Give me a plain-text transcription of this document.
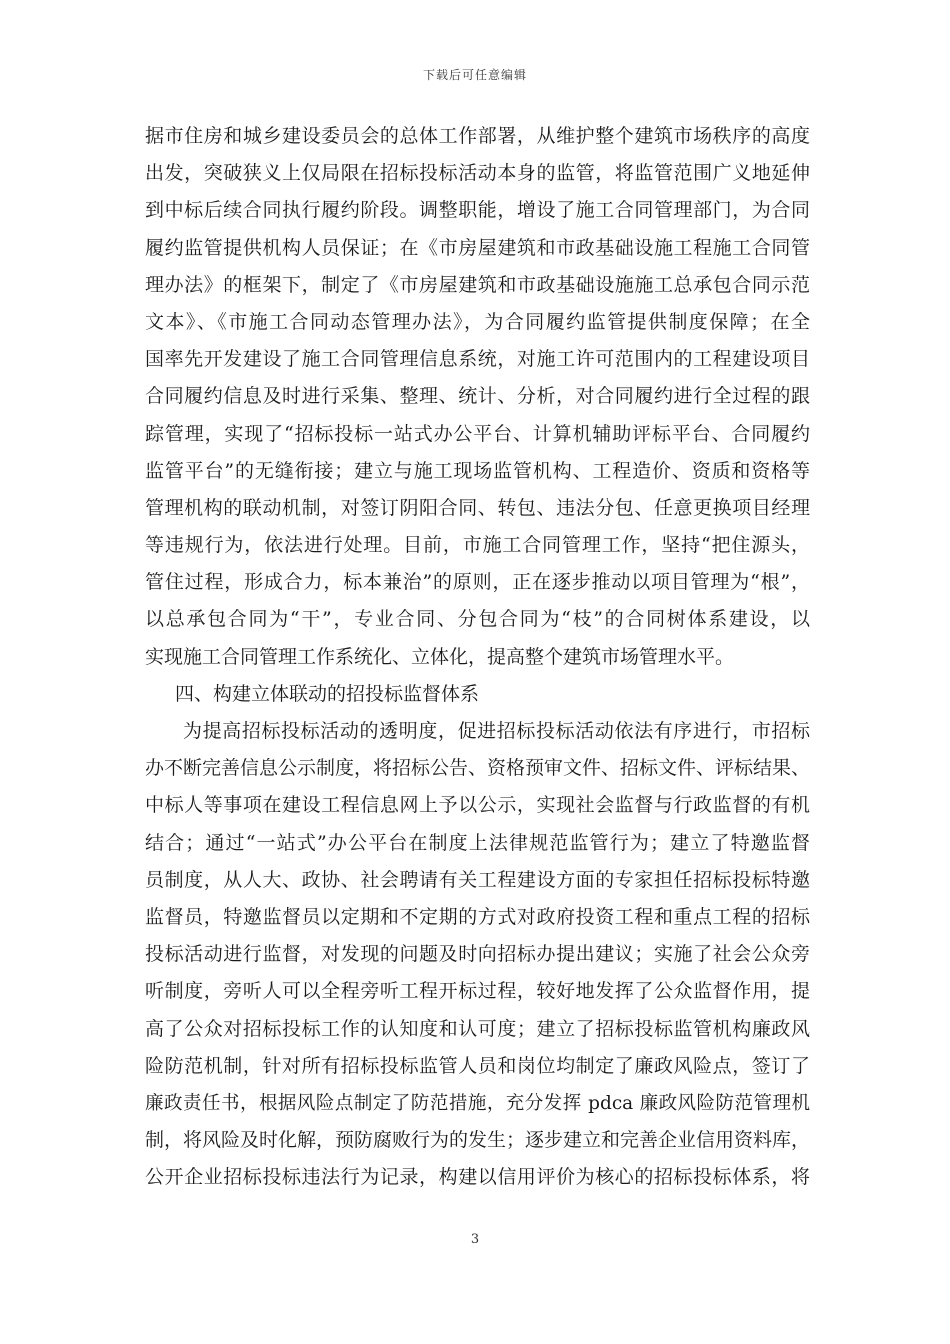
下载后可任意编辑
据市住房和城乡建设委员会的总体工作部署，从维护整个建筑市场秩序的高度
出发，突破狭义上仅局限在招标投标活动本身的监管，将监管范围广义地延伸
到中标后续合同执行履约阶段。调整职能，增设了施工合同管理部门，为合同
履约监管提供机构人员保证；在《市房屋建筑和市政基础设施工程施工合同管
理办法》的框架下，制定了《市房屋建筑和市政基础设施施工总承包合同示范
文本》、《市施工合同动态管理办法》，为合同履约监管提供制度保障；在全
国率先开发建设了施工合同管理信息系统，对施工许可范围内的工程建设项目
合同履约信息及时进行采集、整理、统计、分析，对合同履约进行全过程的跟
踪管理，实现了“招标投标一站式办公平台、计算机辅助评标平台、合同履约
监管平台”的无缝衔接；建立与施工现场监管机构、工程造价、资质和资格等
管理机构的联动机制，对签订阴阳合同、转包、违法分包、任意更换项目经理
等违规行为，依法进行处理。目前，市施工合同管理工作，坚持“把住源头，
管住过程，形成合力，标本兼治”的原则，正在逐步推动以项目管理为“根”，
以总承包合同为“干”，专业合同、分包合同为“枝”的合同树体系建设，以
实现施工合同管理工作系统化、立体化，提高整个建筑市场管理水平。
四、构建立体联动的招投标监督体系
为提高招标投标活动的透明度，促进招标投标活动依法有序进行，市招标
办不断完善信息公示制度，将招标公告、资格预审文件、招标文件、评标结果、
中标人等事项在建设工程信息网上予以公示，实现社会监督与行政监督的有机
结合；通过“一站式”办公平台在制度上法律规范监管行为；建立了特邀监督
员制度，从人大、政协、社会聘请有关工程建设方面的专家担任招标投标特邀
监督员，特邀监督员以定期和不定期的方式对政府投资工程和重点工程的招标
投标活动进行监督，对发现的问题及时向招标办提出建议；实施了社会公众旁
听制度，旁听人可以全程旁听工程开标过程，较好地发挥了公众监督作用，提
高了公众对招标投标工作的认知度和认可度；建立了招标投标监管机构廉政风
险防范机制，针对所有招标投标监管人员和岗位均制定了廉政风险点，签订了
廉政责任书，根据风险点制定了防范措施，充分发挥 pdca 廉政风险防范管理机
制，将风险及时化解，预防腐败行为的发生；逐步建立和完善企业信用资料库，
公开企业招标投标违法行为记录，构建以信用评价为核心的招标投标体系，将
3
